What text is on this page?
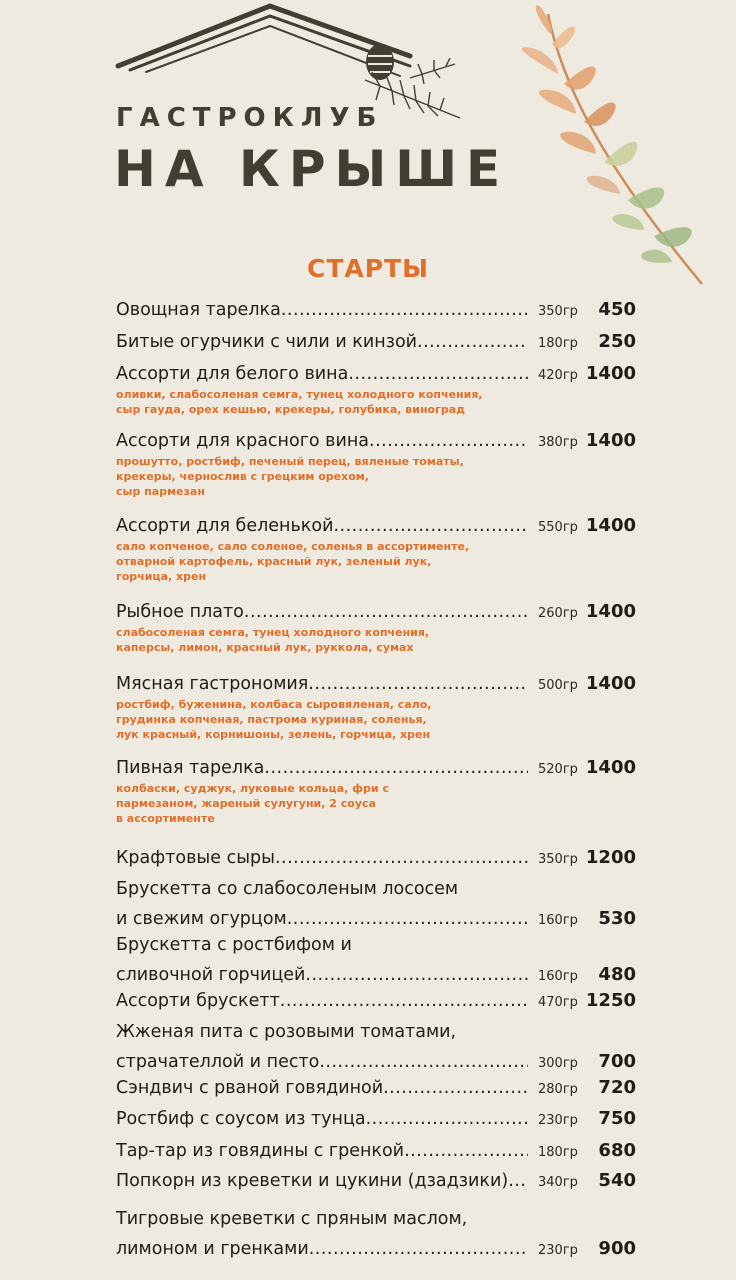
ГАСТРОКЛУБ
НА КРЫШЕ
СТАРТЫ
Овощная тарелка .....	350гр 450
Битые огурчики с чили и кинзой .....	180гр 250
Ассорти для белого вина .....	420гр 1400
оливки, слабосоленая семга, тунец холодного копчения,
сыр гауда, орех кешью, крекеры, голубика, виноград
Ассорти для красного вина .....	380гр 1400
прошутто, ростбиф, печеный перец, вяленые томаты,
крекеры, чернослив с грецким орехом,
сыр пармезан
Ассорти для беленькой .....	550гр 1400
сало копченое, сало соленое, соленья в ассортименте,
отварной картофель, красный лук, зеленый лук,
горчица, хрен
Рыбное плато .....	260гр 1400
слабосоленая семга, тунец холодного копчения,
каперсы, лимон, красный лук, руккола, сумах
Мясная гастрономия .....	500гр 1400
ростбиф, буженина, колбаса сыровяленая, сало,
грудинка копченая, пастрома куриная, соленья,
лук красный, корнишоны, зелень, горчица, хрен
Пивная тарелка .....	520гр 1400
колбаски, суджук, луковые кольца, фри с
пармезаном, жареный сулугуни, 2 соуса
в ассортименте
Крафтовые сыры .....	350гр 1200
Брускетта со слабосоленым лососем
и свежим огурцом .....	160гр 530
Брускетта с ростбифом и
сливочной горчицей .....	160гр 480
Ассорти брускетт .....	470гр 1250
Жженая пита с розовыми томатами,
страчателлой и песто .....	300гр 700
Сэндвич с рваной говядиной .....	280гр 720
Ростбиф с соусом из тунца .....	230гр 750
Тар-тар из говядины с гренкой .....	180гр 680
Попкорн из креветки и цукини (дзадзики) .....	340гр 540
Тигровые креветки с пряным маслом,
лимоном и гренками .....	230гр 900
